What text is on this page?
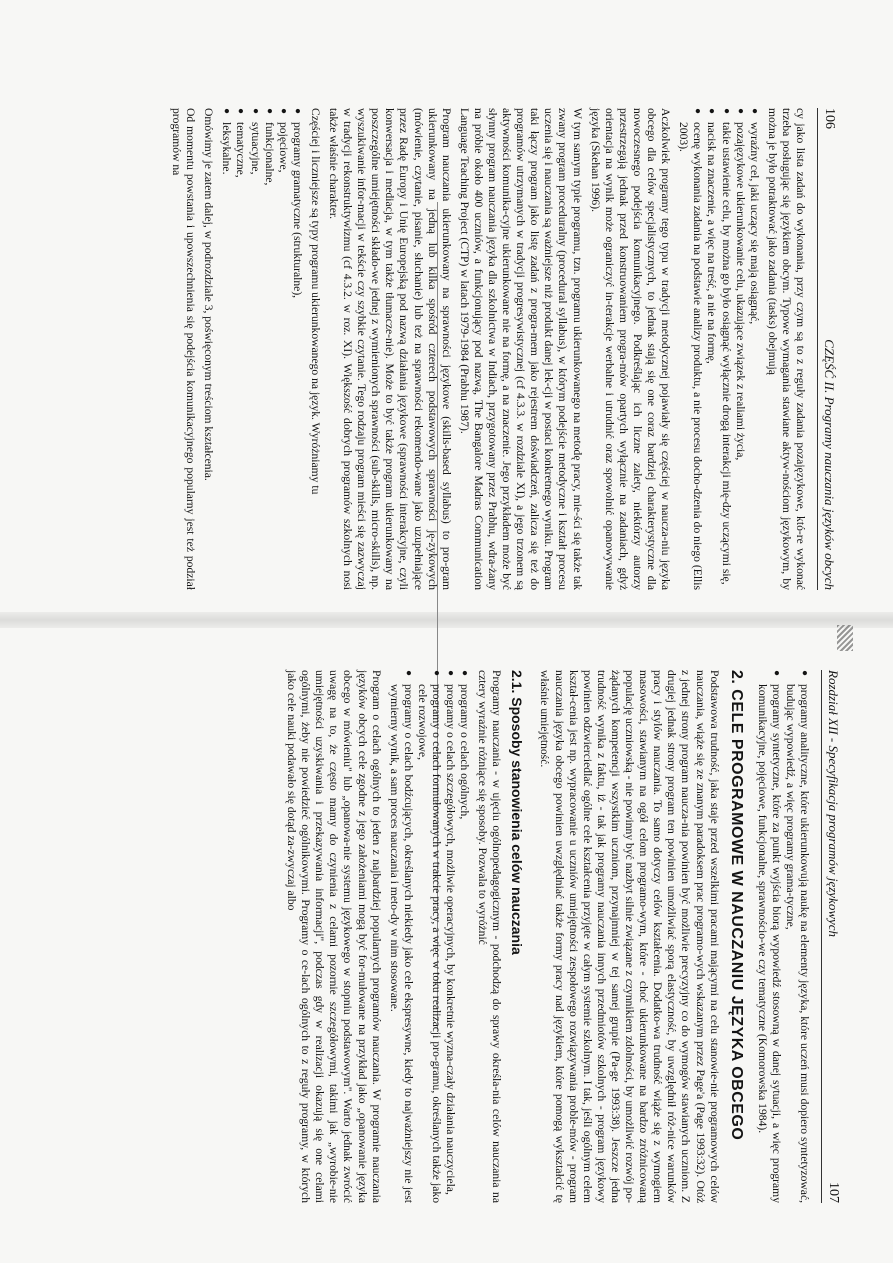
106
CZĘŚĆ II. Programy nauczania języków obcych

cy jako lista zadań do wykonania, przy czym są to z reguły zadania pozajęzykowe, któ-re wykonać trzeba posługując się językiem obcym. Typowe wymagania stawiane aktyw-nościom językowym, by można je było potraktować jako zadania (tasks) obejmują

● wyraźny cel, jaki uczący się mają osiągnąć,
● pozajęzykowe ukierunkowanie celu, ukazujące związek z realiami życia,
● takie ustawienie celu, by można go było osiągnąć wyłącznie drogą interakcji mię-dzy uczącymi się,
● nacisk na znaczenie, a więc na treść, a nie na formę,
● ocenę wykonania zadania na podstawie analizy produktu, a nie procesu docho-dzenia do niego (Ellis 2003).

Aczkolwiek programy tego typu w tradycji metodycznej pojawiały się częściej w naucza-niu języka obcego dla celów specjalistycznych, to jednak stają się one coraz bardziej charakterystyczne dla nowoczesnego podejścia komunikacyjnego. Podkreślając ich liczne zalety, niektórzy autorzy przestrzegają jednak przed konstruowaniem progra-mów opartych wyłącznie na zadaniach, gdyż orientacja na wynik może ograniczyć in-terakcje werbalne i utrudnić oraz spowolnić opanowywanie języka (Skehan 1996).

W tym samym typie programu, tzn. programu ukierunkowanego na metodę pracy, mie-ści się także tak zwany program proceduralny (procedural syllabus), w którym podejście metodyczne i kształt procesu uczenia się i nauczania są ważniejsze niż produkt danej lek-cji w postaci konkretnego wyniku. Program taki łączy program jako listę zadań z progra-mem jako rejestrem doświadczeń, zalicza się też do programów utrzymanych w tradycji progresywistycznej (cf 4.3.3. w rozdziale XI), a jego trzonem są aktywności komunika-cyjne ukierunkowane nie na formę, a na znaczenie. Jego przykładem może być słynny program nauczania języka dla szkolnictwa w Indiach, przygotowany przez Prabhu, wdra-żany na próbie około 400 uczniów, a funkcjonujący pod nazwą, The Bangalore Madras Communication Language Teaching Project (CTP) w latach 1979-1984 (Prabhu 1987).

Program nauczania ukierunkowany na sprawności językowe (skills-based syllabus) to pro-gram ukierunkowany na jedną lub kilka spośród czterech podstawowych sprawności ję-zykowych (mówienie, czytanie, pisanie, słuchanie) lub też na sprawności rekomendo-wane jako uzupełniające przez Radę Europy i Unię Europejską pod nazwą działania językowe (sprawności interakcyjne, czyli konwersacja i mediacja, w tym także tłumacze-nie). Może to być także program ukierunkowany na poszczególne umiejętności składo-we jednej z wymienionych sprawności (sub-skills, micro-skills), np. wyszukiwanie infor-macji w tekście czy szybkie czytanie. Tego rodzaju program mieści się zazwyczaj w tradycji rekonstruktywizmu (cf 4.3.2. w roz. XI). Większość dobrych programów szkolnych nosi także właśnie charakter.

Częściej i liczniejsze są typy programu ukierunkowanego na język. Wyróżniamy tu

● programy gramatyczne (strukturalne),
● pojęciowe,
● funkcjonalne,
● sytuacyjne,
● tematyczne,
● leksykalne.

Omówimy je zatem dalej, w podrozdziale 3, poświęconym treściom kształcenia.

Od momentu powstania i upowszechnienia się podejścia komunikacyjnego popularny jest też podział programów na

Rozdział XII - Specyfikacja programów językowych
107
● programy analityczne, które ukierunkowują naukę na elementy języka, które uczeń musi dopiero syntetyzować, budując wypowiedź, a więc programy grama-tyczne,
● programy syntetyczne, które za punkt wyjścia biorą wypowiedź stosowną w danej sytuacji, a więc programy komunikacyjne, pojęciowe, funkcjonalne, sprawnościo-we czy tematyczne (Komorowska 1984).
2. CELE PROGRAMOWE W NAUCZANIU JĘZYKA OBCEGO

Podstawowa trudność, jaka staje przed wszelkimi pracami mającymi na celu stanowie-nie programowych celów nauczania, wiąże się ze znanym paradoksem prac programo-wych wskazanym przez Page'a (Page 1993:32). Otóż z jednej strony program naucza-nia powinien być możliwie precyzyjny co do wymogów stawianych uczniom. Z drugiej jednak strony program ten powinien umożliwiać sporą elastyczność, by uwzględnił róż-nice warunków pracy i stylów nauczania. To samo dotyczy celów kształcenia. Dodatko-wa trudność wiąże się z wymogiem masowości, stawianym na ogół celom programo-wym, które - choć ukierunkowane na bardzo zróżnicowaną populację uczniowską - nie powinny być nazbyt silnie związane z czynnikiem zdolności, by umożliwić rozwój po-żądanych kompetencji wszystkim uczniom, przynajmniej w tej samej grupie (Pa-ge 1993:38). Jeszcze jedna trudność wynika z faktu, iż - tak jak programy nauczania innych przedmiotów szkolnych - program językowy powinien odzwierciedlać ogólne cele kształcenia przyjęte w całym systemie szkolnym. I tak, jeśli ogólnym celem kształ-cenia jest np. wypracowanie u uczniów umiejętności zespołowego rozwiązywania proble-mów - program nauczania języka obcego powinien uwzględniać także formy pracy nad językiem, które pomogą wykształcić tę właśnie umiejętność.

2.1. Sposoby stanowienia celów nauczania

Programy nauczania - w ujęciu ogólnopedagogicznym - podchodzą do sprawy określa-nia celów nauczania na cztery wyraźnie różniące się sposoby. Pozwala to wyróżnić

● programy o celach ogólnych,
● programy o celach szczegółowych, możliwie operacyjnych, by konkretnie wyzna-czały działania nauczyciela,
● programy o celach formułowanych w trakcie pracy, a więc w toku realizacji pro-gramu, określanych także jako cele rozwojowe,
● programy o celach bodźcujących, określanych niekiedy jako cele ekspresywne, kiedy to najważniejszy nie jest wymierny wynik, a sam proces nauczania i meto-dy w nim stosowane.

Program o celach ogólnych to jeden z najbardziej popularnych programów nauczania. W programie nauczania języków obcych cele zgodne z jego założeniami mogą być for-mułowane na przykład jako „opanowanie języka obcego w mówieniu" lub „opanowa-nie systemu językowego w stopniu podstawowym". Warto jednak zwrócić uwagę na to, że często mamy do czynienia z celami pozornie szczegółowymi, takimi jak „wyrobie-nie umiejętności uzyskiwania i przekazywania informacji", podczas gdy w realizacji okazują się one celami ogólnymi, żeby nie powiedzieć ogólnikowymi. Programy o ce-lach ogólnych to z reguły programy, w których jako cele nauki podawało się dotąd za-zwyczaj albo
